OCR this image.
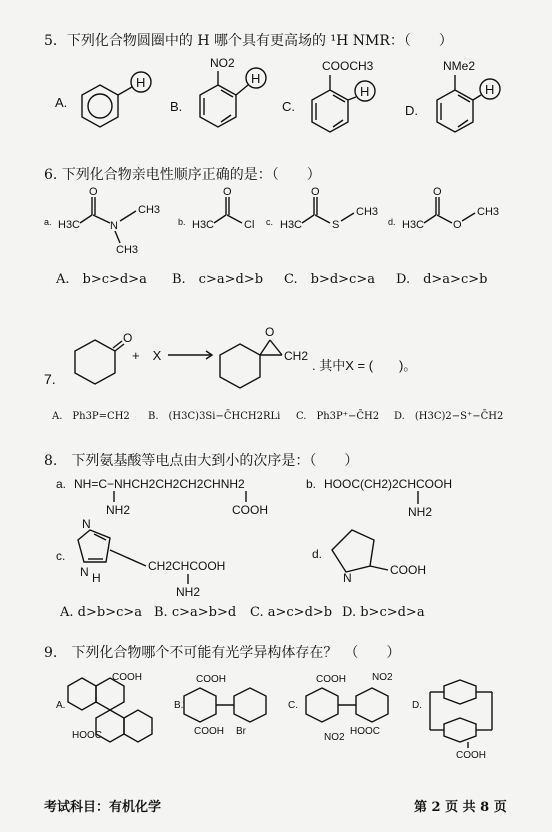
5．下列化合物圆圈中的 H 哪个具有更高场的 ¹H NMR：（　　）
A.
H
B.
NO2
H
C.
COOCH3
H
D.
NMe2
H
6. 下列化合物亲电性顺序正确的是：（　　）
a. H3C
O
N
CH3
CH3
b. H3C
O
Cl c. H3C
O
S
CH3
d. H3C
O
O
CH3
A.　b>c>d>a B.　c>a>d>b C.　b>d>c>a D.　d>a>c>b
7.
O
+　X
O
CH2
. 其中X = (　　)。
A.　Ph3P=CH2 B.　(H3C)3Si−C̄HCH2RLi C.　Ph3P⁺−C̄H2 D.　(H3C)2−S⁺−C̄H2
8.　下列氨基酸等电点由大到小的次序是：（　　）
a. NH=C−NHCH2CH2CH2CHNH2
NH2	COOH
b. HOOC(CH2)2CHCOOH
NH2
c.
N
N H
CH2CHCOOH
NH2
d.
N
COOH
A. d>b>c>a B. c>a>b>d C. a>c>d>b D. b>c>d>a
9.　下列化合物哪个不可能有光学异构体存在？　（　　）
A.
COOH
HOOC
B.
COOH
Br
COOH
C.
COOH
NO2
NO2
HOOC
D.
COOH
考试科目：有机化学	第 2 页 共 8 页
